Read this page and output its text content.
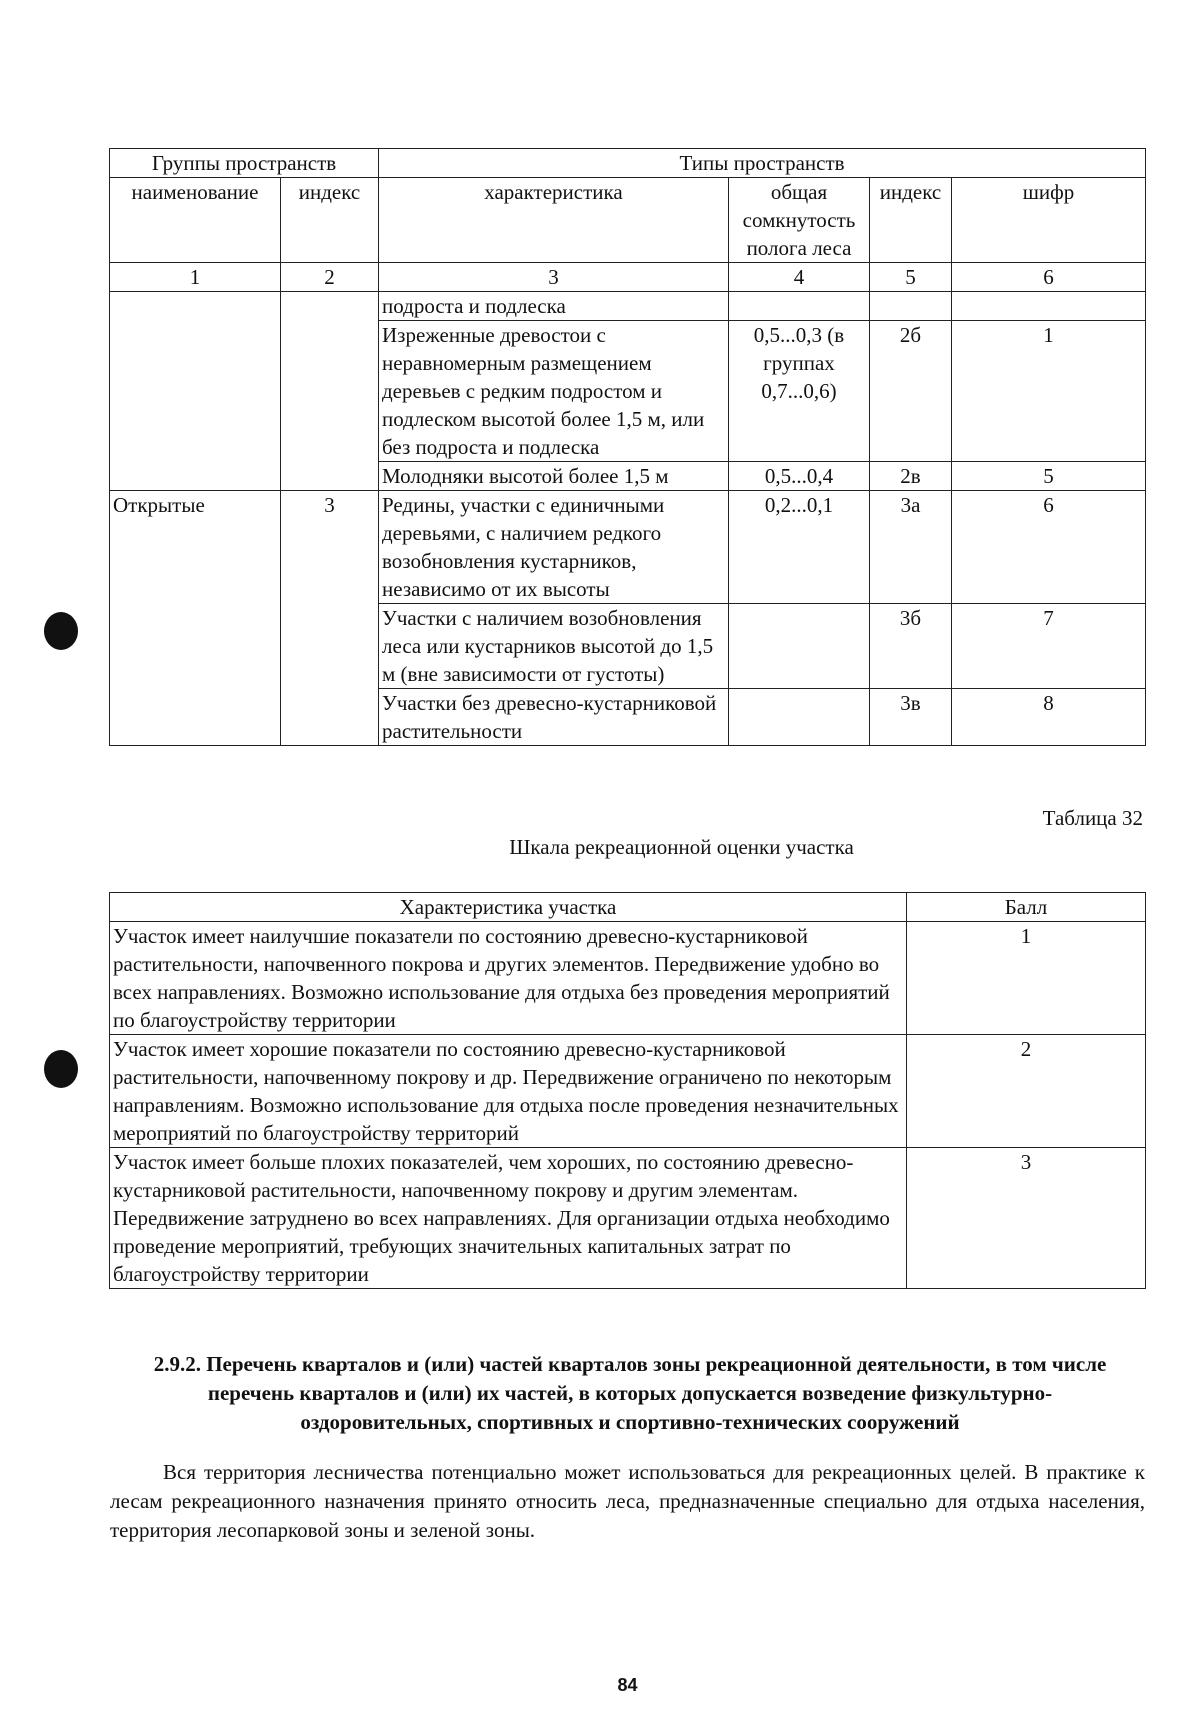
Группы пространств		Типы пространств			
наименование	индекс	характеристика	общая сомкнутость полога леса	индекс	шифр
1	2	3	4	5	6
		подроста и подлеска			
		Изреженные древостои с неравномерным размещением деревьев с редким подростом и подлеском высотой более 1,5 м, или без подроста и подлеска	0,5...0,3 (в группах 0,7...0,6)	2б	1
		Молодняки высотой более 1,5 м	0,5...0,4	2в	5
Открытые	3	Редины, участки с единичными деревьями, с наличием редкого возобновления кустарников, независимо от их высоты	0,2...0,1	3а	6
		Участки с наличием возобновления леса или кустарников высотой до 1,5 м (вне зависимости от густоты)		3б	7
		Участки без древесно-кустарниковой растительности		3в	8
Таблица 32
Шкала рекреационной оценки участка
Характеристика участка	Балл
Участок имеет наилучшие показатели по состоянию древесно-кустарниковой растительности, напочвенного покрова и других элементов. Передвижение удобно во всех направлениях. Возможно использование для отдыха без проведения мероприятий по благоустройству территории	1
Участок имеет хорошие показатели по состоянию древесно-кустарниковой растительности, напочвенному покрову и др. Передвижение ограничено по некоторым направлениям. Возможно использование для отдыха после проведения незначительных мероприятий по благоустройству территорий	2
Участок имеет больше плохих показателей, чем хороших, по состоянию древесно-кустарниковой растительности, напочвенному покрову и другим элементам. Передвижение затруднено во всех направлениях. Для организации отдыха необходимо проведение мероприятий, требующих значительных капитальных затрат по благоустройству территории	3
2.9.2. Перечень кварталов и (или) частей кварталов зоны рекреационной деятельности, в том числе перечень кварталов и (или) их частей, в которых допускается возведение физкультурно-оздоровительных, спортивных и спортивно-технических сооружений
Вся территория лесничества потенциально может использоваться для рекреационных целей. В практике к лесам рекреационного назначения принято относить леса, предназначенные специально для отдыха населения, территория лесопарковой зоны и зеленой зоны.
84
